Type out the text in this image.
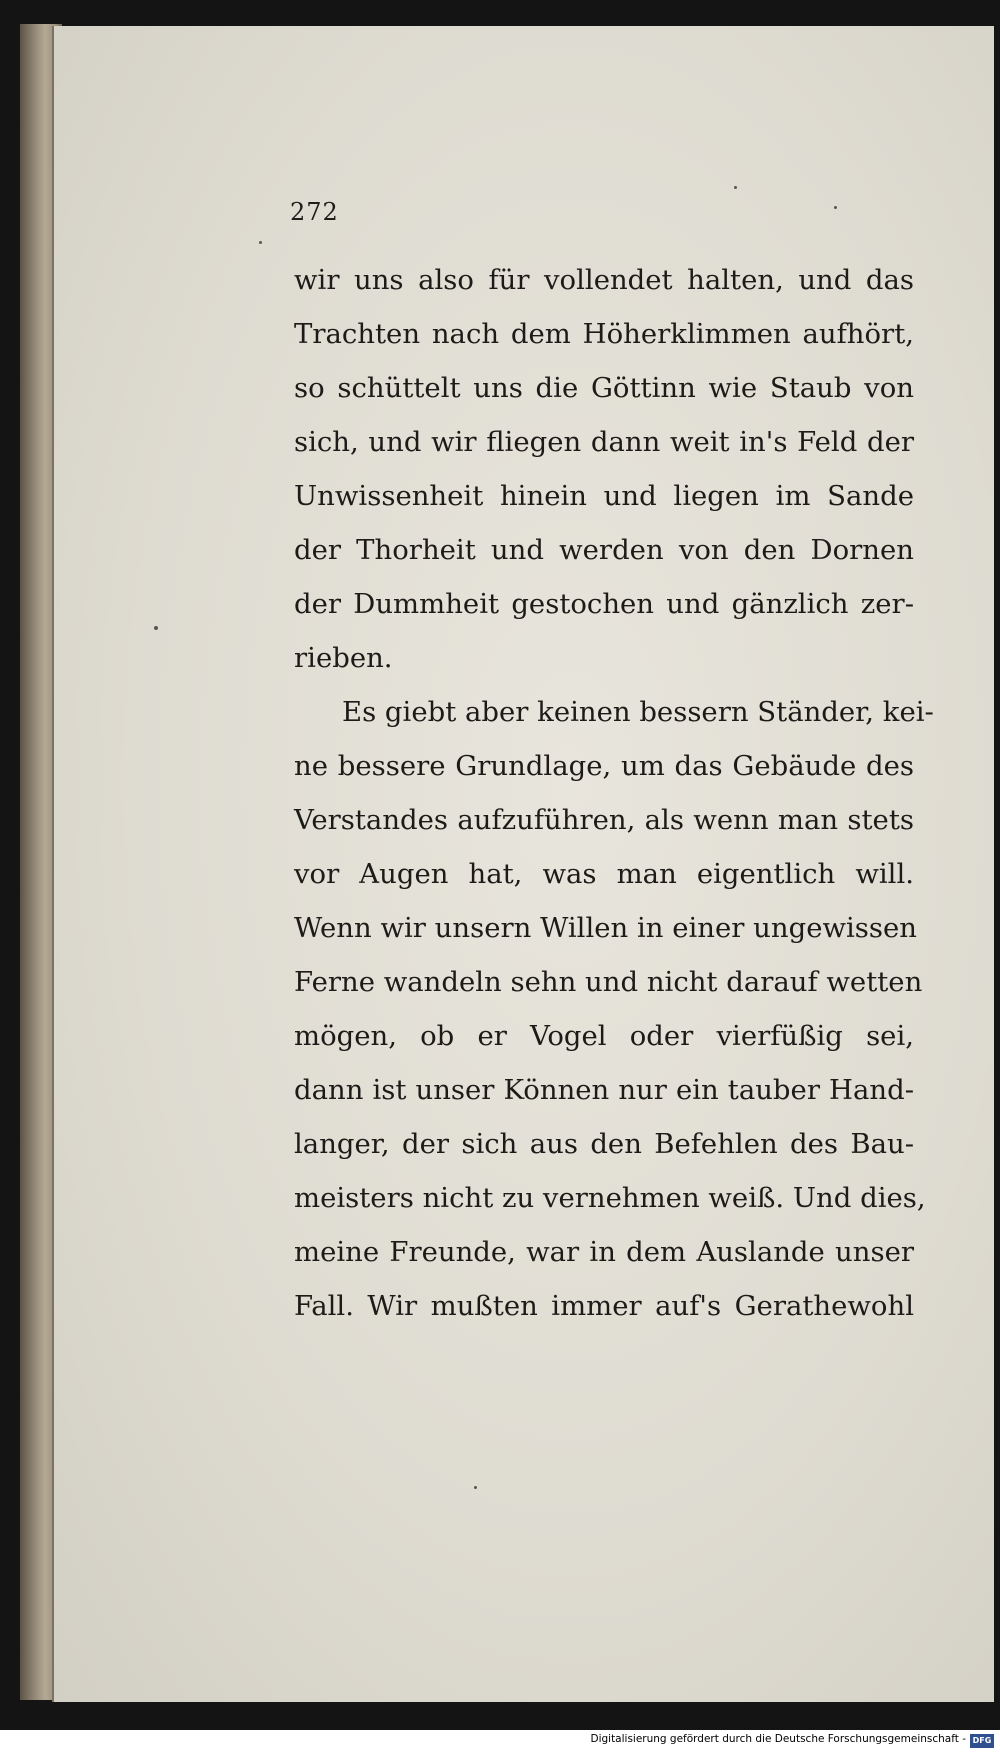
272
wir uns also für vollendet halten, und das
Trachten nach dem Höherklimmen aufhört,
so schüttelt uns die Göttinn wie Staub von
sich, und wir fliegen dann weit in's Feld der
Unwissenheit hinein und liegen im Sande
der Thorheit und werden von den Dornen
der Dummheit gestochen und gänzlich zer-
rieben.
Es giebt aber keinen bessern Ständer, kei-
ne bessere Grundlage, um das Gebäude des
Verstandes aufzuführen, als wenn man stets
vor Augen hat, was man eigentlich will.
Wenn wir unsern Willen in einer ungewissen
Ferne wandeln sehn und nicht darauf wetten
mögen, ob er Vogel oder vierfüßig sei,
dann ist unser Können nur ein tauber Hand-
langer, der sich aus den Befehlen des Bau-
meisters nicht zu vernehmen weiß. Und dies,
meine Freunde, war in dem Auslande unser
Fall. Wir mußten immer auf's Gerathewohl
Digitalisierung gefördert durch die Deutsche Forschungsgemeinschaft - DFG
